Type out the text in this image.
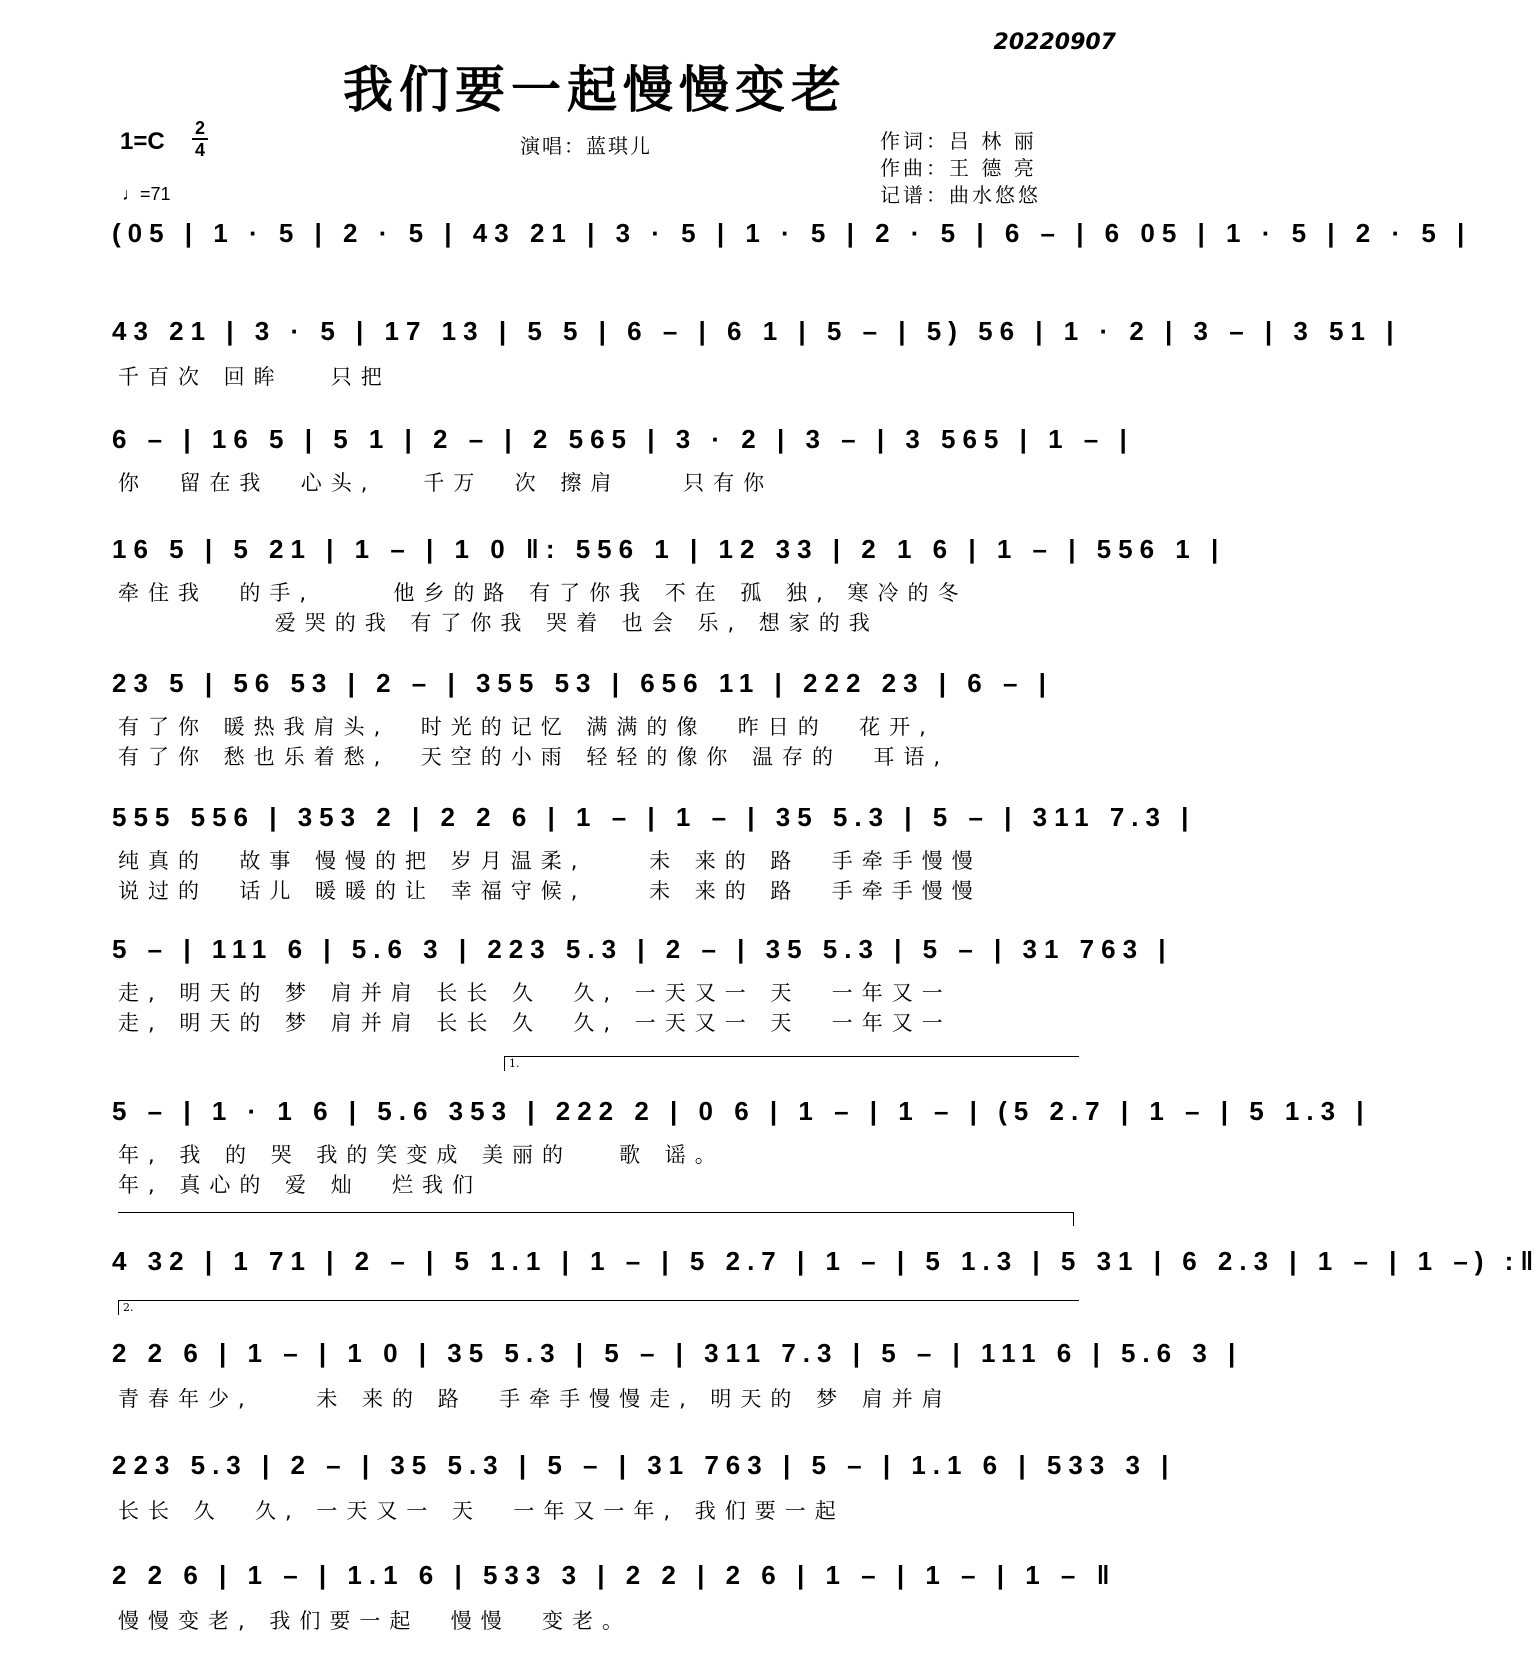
20220907
我们要一起慢慢变老
1=C 2
4
♩=71
演唱：蓝琪儿	作词：吕 林 丽
作曲：王 德 亮
记谱：曲水悠悠
(05 | 1 · 5 | 2 · 5 | 43 21 | 3 · 5 | 1 · 5 | 2 · 5 | 6 – | 6 05 | 1 · 5 | 2 · 5 |
43 21 | 3 · 5 | 17 13 | 5 5 | 6 – | 6 1 | 5 – | 5) 56 | 1 · 2 | 3 – | 3 51 |
千百次 回眸   只把
6 – | 16 5 | 5 1 | 2 – | 2 565 | 3 · 2 | 3 – | 3 565 | 1 – |
你  留在我  心头,   千万  次 擦肩    只有你
16 5 | 5 21 | 1 – | 1 0 ‖: 556 1 | 12 33 | 2 1 6 | 1 – | 556 1 |
牵住我  的手,     他乡的路 有了你我 不在 孤 独, 寒冷的冬
爱哭的我 有了你我 哭着 也会 乐, 想家的我
23 5 | 56 53 | 2 – | 355 53 | 656 11 | 222 23 | 6 – |
有了你 暖热我肩头,  时光的记忆 满满的像  昨日的  花开,
有了你 愁也乐着愁,  天空的小雨 轻轻的像你 温存的  耳语,
555 556 | 353 2 | 2 2 6 | 1 – | 1 – | 35 5.3 | 5 – | 311 7.3 |
纯真的  故事 慢慢的把 岁月温柔,    未 来的 路  手牵手慢慢
说过的  话儿 暖暖的让 幸福守候,    未 来的 路  手牵手慢慢
5 – | 111 6 | 5.6 3 | 223 5.3 | 2 – | 35 5.3 | 5 – | 31 763 |
走, 明天的 梦 肩并肩 长长 久  久, 一天又一 天  一年又一
走, 明天的 梦 肩并肩 长长 久  久, 一天又一 天  一年又一
1.
5 – | 1 · 1 6 | 5.6 353 | 222 2 | 0 6 | 1 – | 1 – | (5 2.7 | 1 – | 5 1.3 |
年, 我 的 哭 我的笑变成 美丽的   歌 谣。
年, 真心的 爱 灿  烂我们
4 32 | 1 71 | 2 – | 5 1.1 | 1 – | 5 2.7 | 1 – | 5 1.3 | 5 31 | 6 2.3 | 1 – | 1 –) :‖
2.
2 2 6 | 1 – | 1 0 | 35 5.3 | 5 – | 311 7.3 | 5 – | 111 6 | 5.6 3 |
青春年少,    未 来的 路  手牵手慢慢走, 明天的 梦 肩并肩
223 5.3 | 2 – | 35 5.3 | 5 – | 31 763 | 5 – | 1.1 6 | 533 3 |
长长 久  久, 一天又一 天  一年又一年, 我们要一起
2 2 6 | 1 – | 1.1 6 | 533 3 | 2 2 | 2 6 | 1 – | 1 – | 1 – ‖
慢慢变老, 我们要一起  慢慢  变老。
